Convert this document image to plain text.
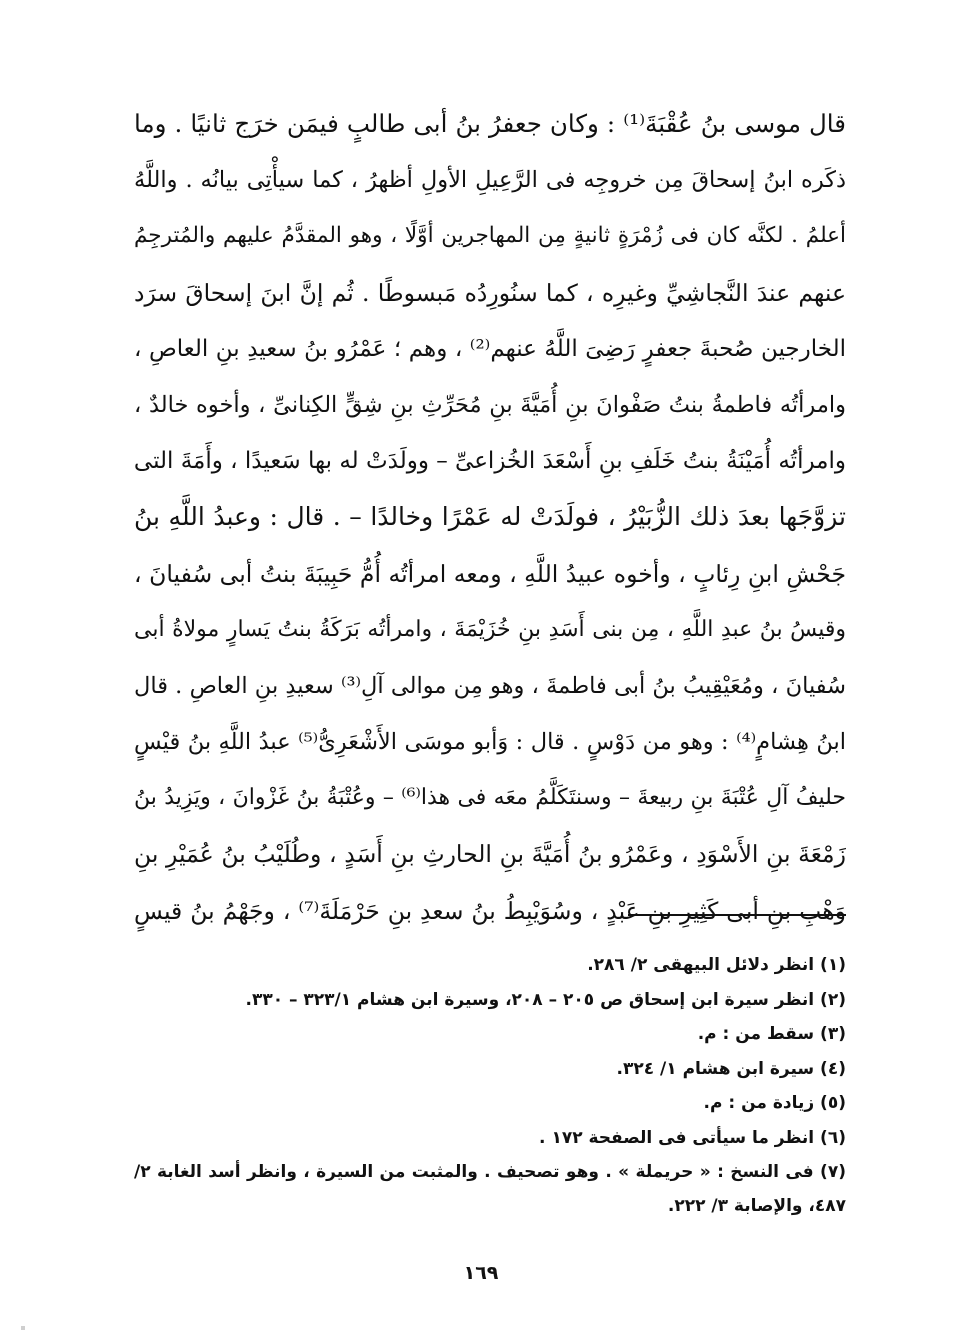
قال موسى بنُ عُقْبَةَ⁽¹⁾ : وكان جعفرُ بنُ أبى طالبٍ فيمَن خرَج ثانيًا . وما
ذكَره ابنُ إسحاقَ مِن خروجِه فى الرَّعِيلِ الأولِ أظهرُ ، كما سيأْتِى بيانُه . واللَّهُ
أعلمُ . لكنَّه كان فى زُمْرَةٍ ثانيةٍ مِن المهاجرين أوَّلًا ، وهو المقدَّمُ عليهم والمُترجِمُ
عنهم عندَ النَّجاشِيِّ وغيرِه ، كما سنُورِدُه مَبسوطًا . ثُم إنَّ ابنَ إسحاقَ سرَد
الخارجين صُحبةَ جعفرٍ رَضِىَ اللَّهُ عنهم⁽²⁾ ، وهم ؛ عَمْرُو بنُ سعيدِ بنِ العاصِ ،
وامرأتُه فاطمةُ بنتُ صَفْوانَ بنِ أُمَيَّةَ بنِ مُحَرِّثِ بنِ شِقٍّ الكِنانىِّ ، وأخوه خالدٌ ،
وامرأتُه أُمَيْنَةُ بنتُ خَلَفِ بنِ أَسْعَدَ الخُزاعىِّ – وولَدَتْ له بها سَعيدًا ، وأَمَةَ التى
تزوَّجَها بعدَ ذلك الزُّبَيْرُ ، فولَدَتْ له عَمْرًا وخالدًا – . قال : وعبدُ اللَّهِ بنُ
جَحْشِ ابنِ رِئابٍ ، وأخوه عبيدُ اللَّهِ ، ومعه امرأتُه أُمُّ حَبِيبَةَ بنتُ أبى سُفيانَ ،
وقيسُ بنُ عبدِ اللَّهِ ، مِن بنى أَسَدِ بنِ خُزَيْمَةَ ، وامرأتُه بَرَكَةُ بنتُ يَسارٍ مولاةُ أبى
سُفيانَ ، ومُعَيْقِيبُ بنُ أبى فاطمةَ ، وهو مِن موالى آلِ⁽³⁾ سعيدِ بنِ العاصِ . قال
ابنُ هِشامٍ⁽⁴⁾ : وهو من دَوْسٍ . قال : وَأبو موسَى الأَشْعَرِىُّ⁽⁵⁾ عبدُ اللَّهِ بنُ قيْسٍ
حليفُ آلِ عُتْبَةَ بنِ ربيعةَ – وسنتَكَلَّمُ معَه فى هذا⁽⁶⁾ – وعُتْبَةُ بنُ غَزْوانَ ، ويَزِيدُ بنُ
زَمْعَةَ بنِ الأَسْوَدِ ، وعَمْرُو بنُ أُمَيَّةَ بنِ الحارثِ بنِ أَسَدٍ ، وطُلَيْبُ بنُ عُمَيْرِ بنِ
وَهْبِ بنِ أبى كَثِيرِ بنِ عَبْدٍ ، وسُوَيْبِطُ بنُ سعدِ بنِ حَرْمَلَةَ⁽⁷⁾ ، وجَهْمُ بنُ قيسٍ
(١) انظر دلائل البيهقى ٢/ ٢٨٦.
(٢) انظر سيرة ابن إسحاق ص ٢٠٥ – ٢٠٨، وسيرة ابن هشام ٣٢٣/١ – ٣٣٠.
(٣) سقط من : م.
(٤) سيرة ابن هشام ١/ ٣٢٤.
(٥) زيادة من : م.
(٦) انظر ما سيأتى فى الصفحة ١٧٢ .
(٧) فى النسخ : « حريملة » . وهو تصحيف . والمثبت من السيرة ، وانظر أسد الغابة ٢/ ٤٨٧، والإصابة ٣/ ٢٢٢.
١٦٩
